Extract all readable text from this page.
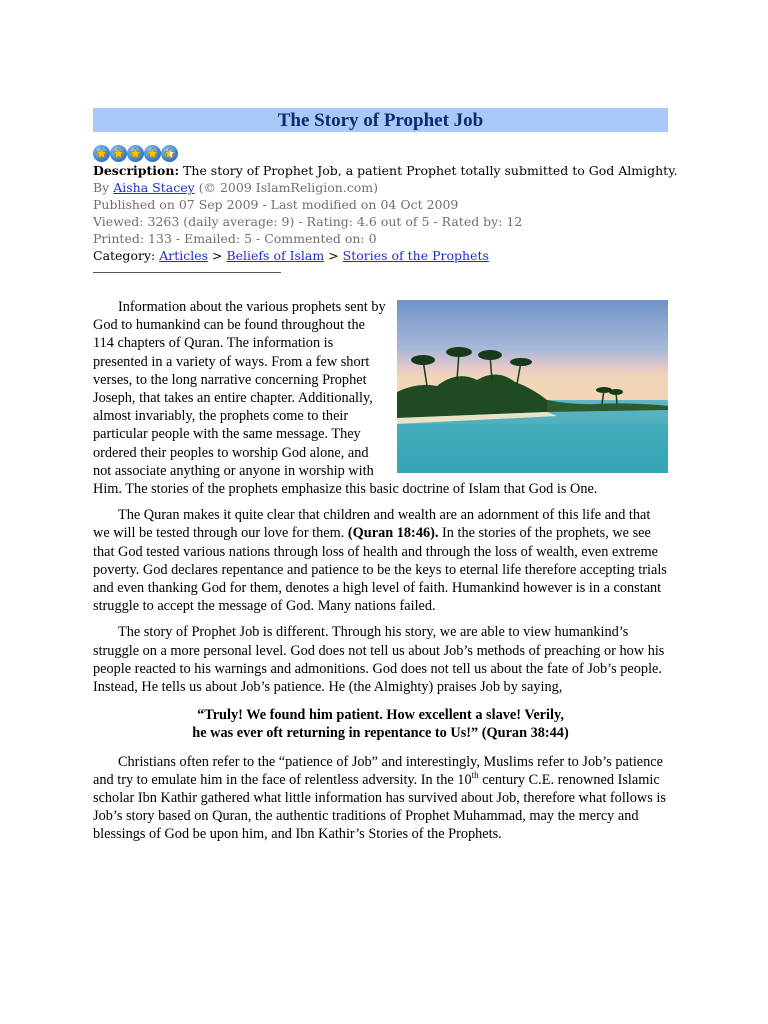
The Story of Prophet Job
Description: The story of Prophet Job, a patient Prophet totally submitted to God Almighty.
By Aisha Stacey (© 2009 IslamReligion.com)
Published on 07 Sep 2009 - Last modified on 04 Oct 2009
Viewed: 3263 (daily average: 9) - Rating: 4.6 out of 5 - Rated by: 12
Printed: 133 - Emailed: 5 - Commented on: 0
Category: Articles > Beliefs of Islam > Stories of the Prophets

Information about the various prophets sent by God to humankind can be found throughout the 114 chapters of Quran. The information is presented in a variety of ways. From a few short verses, to the long narrative concerning Prophet Joseph, that takes an entire chapter. Additionally, almost invariably, the prophets come to their particular people with the same message. They ordered their peoples to worship God alone, and not associate anything or anyone in worship with Him. The stories of the prophets emphasize this basic doctrine of Islam that God is One.

The Quran makes it quite clear that children and wealth are an adornment of this life and that we will be tested through our love for them. (Quran 18:46). In the stories of the prophets, we see that God tested various nations through loss of health and through the loss of wealth, even extreme poverty. God declares repentance and patience to be the keys to eternal life therefore accepting trials and even thanking God for them, denotes a high level of faith. Humankind however is in a constant struggle to accept the message of God. Many nations failed.

The story of Prophet Job is different. Through his story, we are able to view humankind’s struggle on a more personal level. God does not tell us about Job’s methods of preaching or how his people reacted to his warnings and admonitions. God does not tell us about the fate of Job’s people. Instead, He tells us about Job’s patience. He (the Almighty) praises Job by saying,

“Truly! We found him patient. How excellent a slave! Verily,
he was ever oft returning in repentance to Us!” (Quran 38:44)

Christians often refer to the “patience of Job” and interestingly, Muslims refer to Job’s patience and try to emulate him in the face of relentless adversity. In the 10th century C.E. renowned Islamic scholar Ibn Kathir gathered what little information has survived about Job, therefore what follows is Job’s story based on Quran, the authentic traditions of Prophet Muhammad, may the mercy and blessings of God be upon him, and Ibn Kathir’s Stories of the Prophets.
